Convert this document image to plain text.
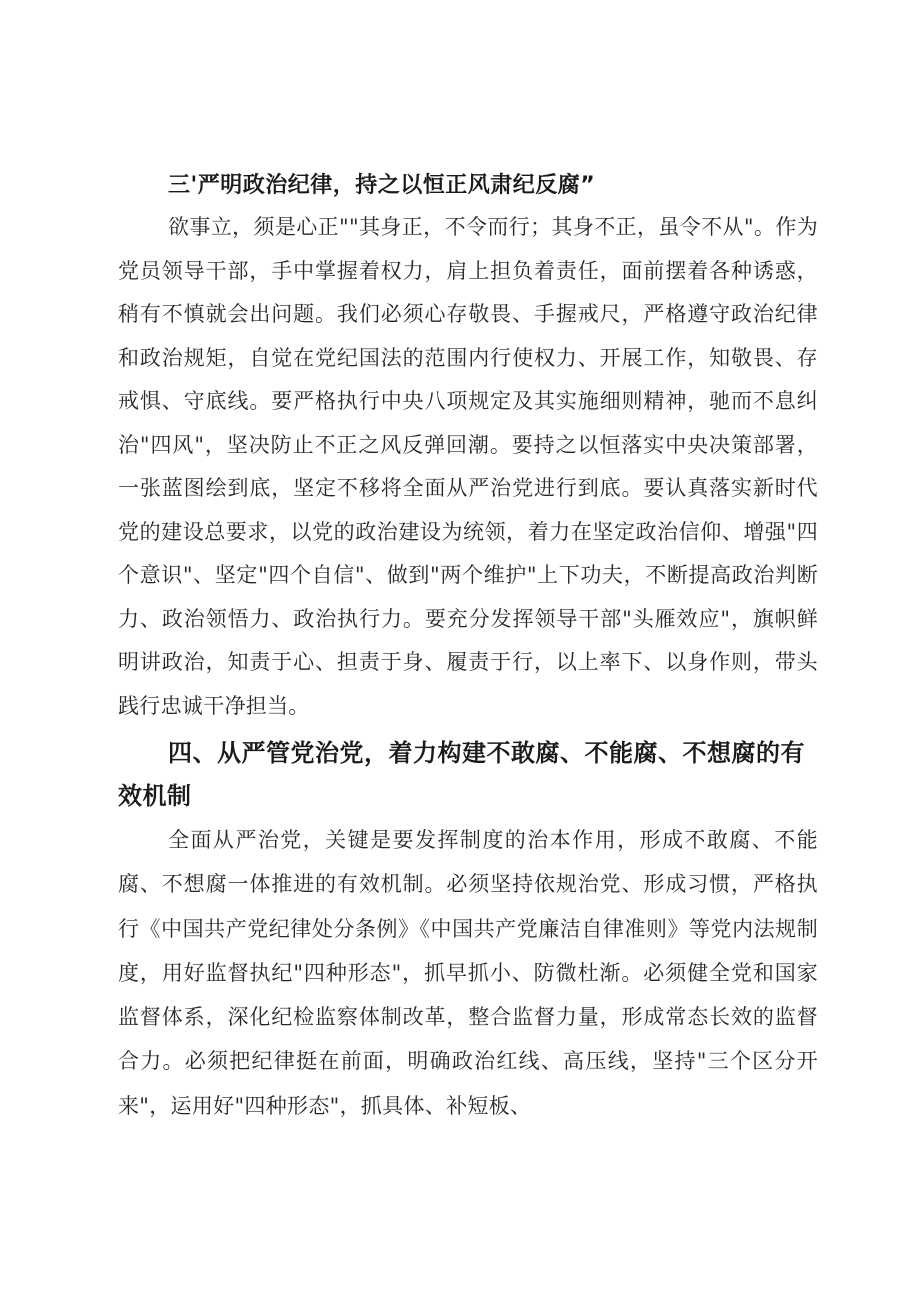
三'严明政治纪律，持之以恒正风肃纪反腐”

欲事立，须是心正""其身正，不令而行；其身不正，虽令不从"。作为党员领导干部，手中掌握着权力，肩上担负着责任，面前摆着各种诱惑，稍有不慎就会出问题。我们必须心存敬畏、手握戒尺，严格遵守政治纪律和政治规矩，自觉在党纪国法的范围内行使权力、开展工作，知敬畏、存戒惧、守底线。要严格执行中央八项规定及其实施细则精神，驰而不息纠治"四风"，坚决防止不正之风反弹回潮。要持之以恒落实中央决策部署，一张蓝图绘到底，坚定不移将全面从严治党进行到底。要认真落实新时代党的建设总要求，以党的政治建设为统领，着力在坚定政治信仰、增强"四个意识"、坚定"四个自信"、做到"两个维护"上下功夫，不断提高政治判断力、政治领悟力、政治执行力。要充分发挥领导干部"头雁效应"，旗帜鲜明讲政治，知责于心、担责于身、履责于行，以上率下、以身作则，带头践行忠诚干净担当。

四、从严管党治党，着力构建不敢腐、不能腐、不想腐的有效机制

全面从严治党，关键是要发挥制度的治本作用，形成不敢腐、不能腐、不想腐一体推进的有效机制。必须坚持依规治党、形成习惯，严格执行《中国共产党纪律处分条例》《中国共产党廉洁自律准则》等党内法规制度，用好监督执纪"四种形态"，抓早抓小、防微杜渐。必须健全党和国家监督体系，深化纪检监察体制改革，整合监督力量，形成常态长效的监督合力。必须把纪律挺在前面，明确政治红线、高压线，坚持"三个区分开来"，运用好"四种形态"，抓具体、补短板、
